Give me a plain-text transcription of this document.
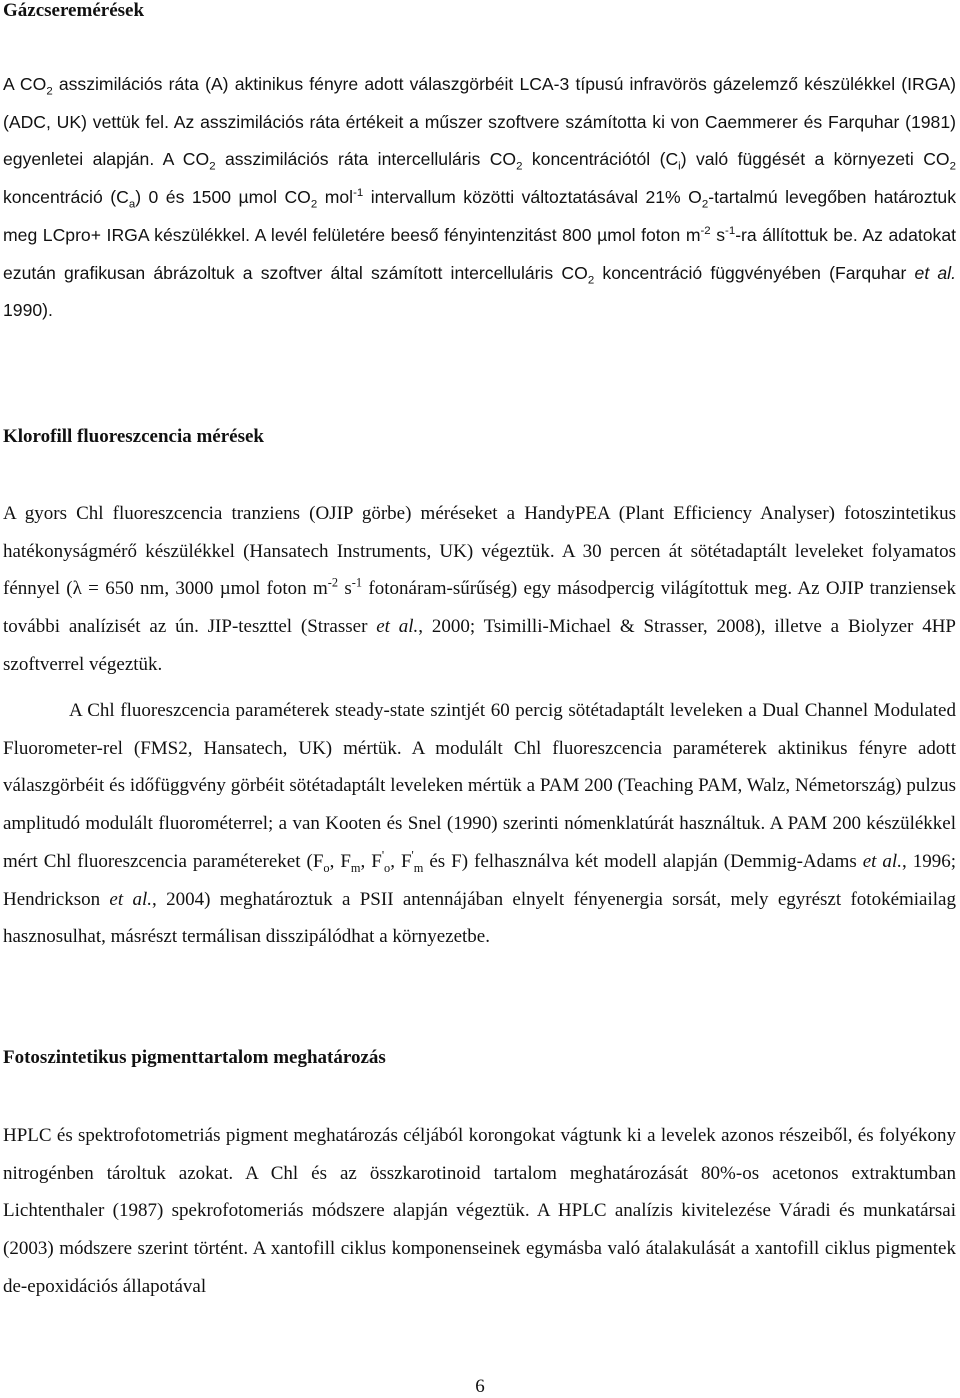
Gázcseremérések

A $CO_2$ asszimilációs ráta (A) aktinikus fényre adott válaszgörbéit LCA-3 típusú infravörös gázelemző készülékkel (IRGA) (ADC, UK) vettük fel. Az asszimilációs ráta értékeit a műszer szoftvere számította ki von Caemmerer és Farquhar (1981) egyenletei alapján. A $CO_2$ asszimilációs ráta intercelluláris $CO_2$ koncentrációtól $(C_i)$ való függését a környezeti $CO_2$ koncentráció $(C_a)$ 0 és 1500 µmol $CO_2$ mol$^{-1}$ intervallum közötti változtatásával 21% $O_2$-tartalmú levegőben határoztuk meg LCpro+ IRGA készülékkel. A levél felületére beeső fényintenzitást 800 µmol foton $m^{-2}$ $s^{-1}-ra$ állítottuk be. Az adatokat ezután grafikusan ábrázoltuk a szoftver által számított intercelluláris $CO_2$ koncentráció függvényében (Farquhar et al. 1990).

Klorofill fluoreszcencia mérések

A gyors Chl fluoreszcencia tranziens (OJIP görbe) méréseket a HandyPEA (Plant Efficiency Analyser) fotoszintetikus hatékonyságmérő készülékkel (Hansatech Instruments, UK) végeztük. A 30 percen át sötétadaptált leveleket folyamatos fénnyel (λ = 650 nm, 3000 µmol foton $m^{-2}$ $s^{-1}$ fotonáram-sűrűség) egy másodpercig világítottuk meg. Az OJIP tranziensek további analízisét az ún. JIP-teszttel (Strasser et al., 2000; Tsimilli-Michael & Strasser, 2008), illetve a Biolyzer 4HP szoftverrel végeztük.

A Chl fluoreszcencia paraméterek steady-state szintjét 60 percig sötétadaptált leveleken a Dual Channel Modulated Fluorometer-rel (FMS2, Hansatech, UK) mértük. A modulált Chl fluoreszcencia paraméterek aktinikus fényre adott válaszgörbéit és időfüggvény görbéit sötétadaptált leveleken mértük a PAM 200 (Teaching PAM, Walz, Németország) pulzus amplitudó modulált fluorométerrel; a van Kooten és Snel (1990) szerinti nómenklatúrát használtuk. A PAM 200 készülékkel mért Chl fluoreszcencia paramétereket ($F_o$, $F_m$, $F'_o$, $F'_m$ és F) felhasználva két modell alapján (Demmig-Adams et al., 1996; Hendrickson et al., 2004) meghatároztuk a PSII antennájában elnyelt fényenergia sorsát, mely egyrészt fotokémiailag hasznosulhat, másrészt termálisan disszipálódhat a környezetbe.

Fotoszintetikus pigmenttartalom meghatározás

HPLC és spektrofotometriás pigment meghatározás céljából korongokat vágtunk ki a levelek azonos részeiből, és folyékony nitrogénben tároltuk azokat. A Chl és az összkarotinoid tartalom meghatározását 80%-os acetonos extraktumban Lichtenthaler (1987) spekrofotomeriás módszere alapján végeztük. A HPLC analízis kivitelezése Váradi és munkatársai (2003) módszere szerint történt. A xantofill ciklus komponenseinek egymásba való átalakulását a xantofill ciklus pigmentek de-epoxidációs állapotával

6
